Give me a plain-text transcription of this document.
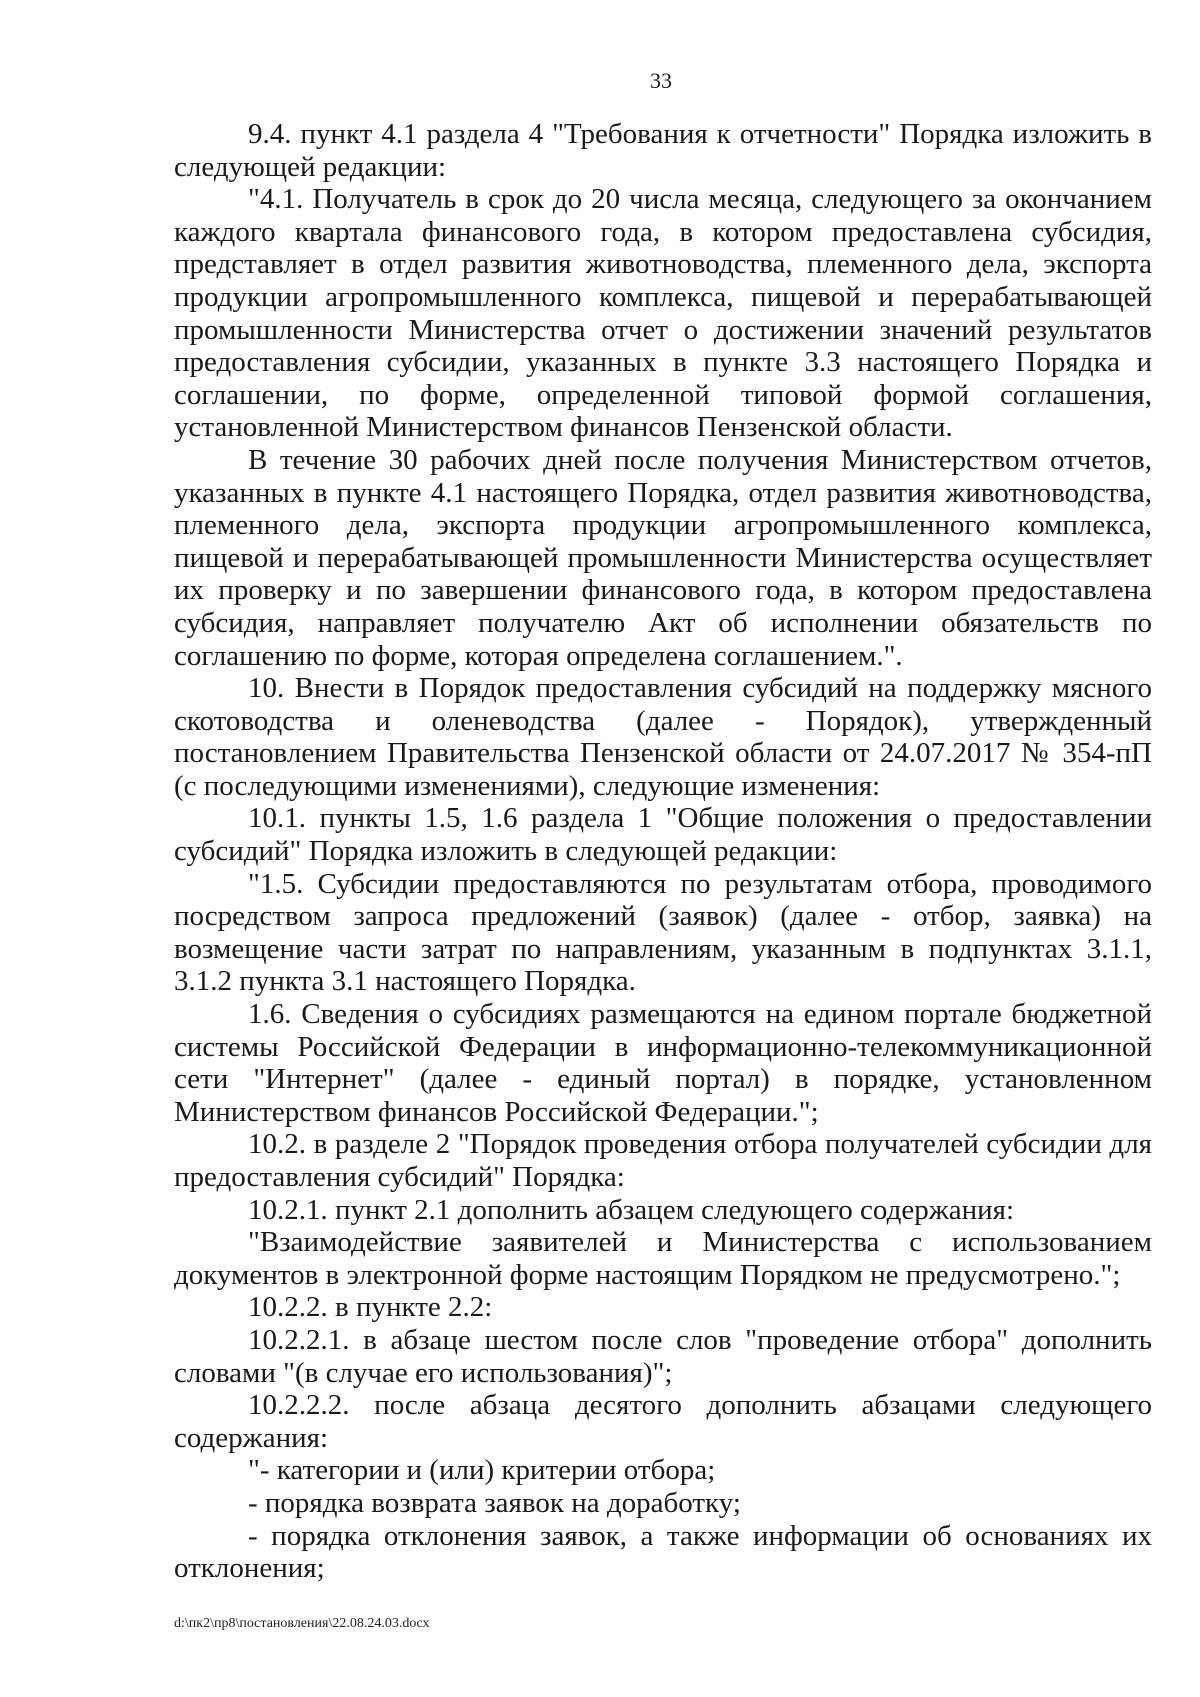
33

9.4. пункт 4.1 раздела 4 "Требования к отчетности" Порядка изложить в следующей редакции:

"4.1. Получатель в срок до 20 числа месяца, следующего за окончанием каждого квартала финансового года, в котором предоставлена субсидия, представляет в отдел развития животноводства, племенного дела, экспорта продукции агропромышленного комплекса, пищевой и перерабатывающей промышленности Министерства отчет о достижении значений результатов предоставления субсидии, указанных в пункте 3.3 настоящего Порядка и соглашении, по форме, определенной типовой формой соглашения, установленной Министерством финансов Пензенской области.

В течение 30 рабочих дней после получения Министерством отчетов, указанных в пункте 4.1 настоящего Порядка, отдел развития животноводства, племенного дела, экспорта продукции агропромышленного комплекса, пищевой и перерабатывающей промышленности Министерства осуществляет их проверку и по завершении финансового года, в котором предоставлена субсидия, направляет получателю Акт об исполнении обязательств по соглашению по форме, которая определена соглашением.".

10. Внести в Порядок предоставления субсидий на поддержку мясного скотоводства и оленеводства (далее - Порядок), утвержденный постановлением Правительства Пензенской области от 24.07.2017 № 354-пП (с последующими изменениями), следующие изменения:

10.1. пункты 1.5, 1.6 раздела 1 "Общие положения о предоставлении субсидий" Порядка изложить в следующей редакции:

"1.5. Субсидии предоставляются по результатам отбора, проводимого посредством запроса предложений (заявок) (далее - отбор, заявка) на возмещение части затрат по направлениям, указанным в подпунктах 3.1.1, 3.1.2 пункта 3.1 настоящего Порядка.

1.6. Сведения о субсидиях размещаются на едином портале бюджетной системы Российской Федерации в информационно-телекоммуникационной сети "Интернет" (далее - единый портал) в порядке, установленном Министерством финансов Российской Федерации.";

10.2. в разделе 2 "Порядок проведения отбора получателей субсидии для предоставления субсидий" Порядка:

10.2.1. пункт 2.1 дополнить абзацем следующего содержания:

"Взаимодействие заявителей и Министерства с использованием документов в электронной форме настоящим Порядком не предусмотрено.";

10.2.2. в пункте 2.2:

10.2.2.1. в абзаце шестом после слов "проведение отбора" дополнить словами "(в случае его использования)";

10.2.2.2. после абзаца десятого дополнить абзацами следующего содержания:

"- категории и (или) критерии отбора;

- порядка возврата заявок на доработку;

- порядка отклонения заявок, а также информации об основаниях их отклонения;

d:\пк2\пр8\постановления\22.08.24.03.docx
